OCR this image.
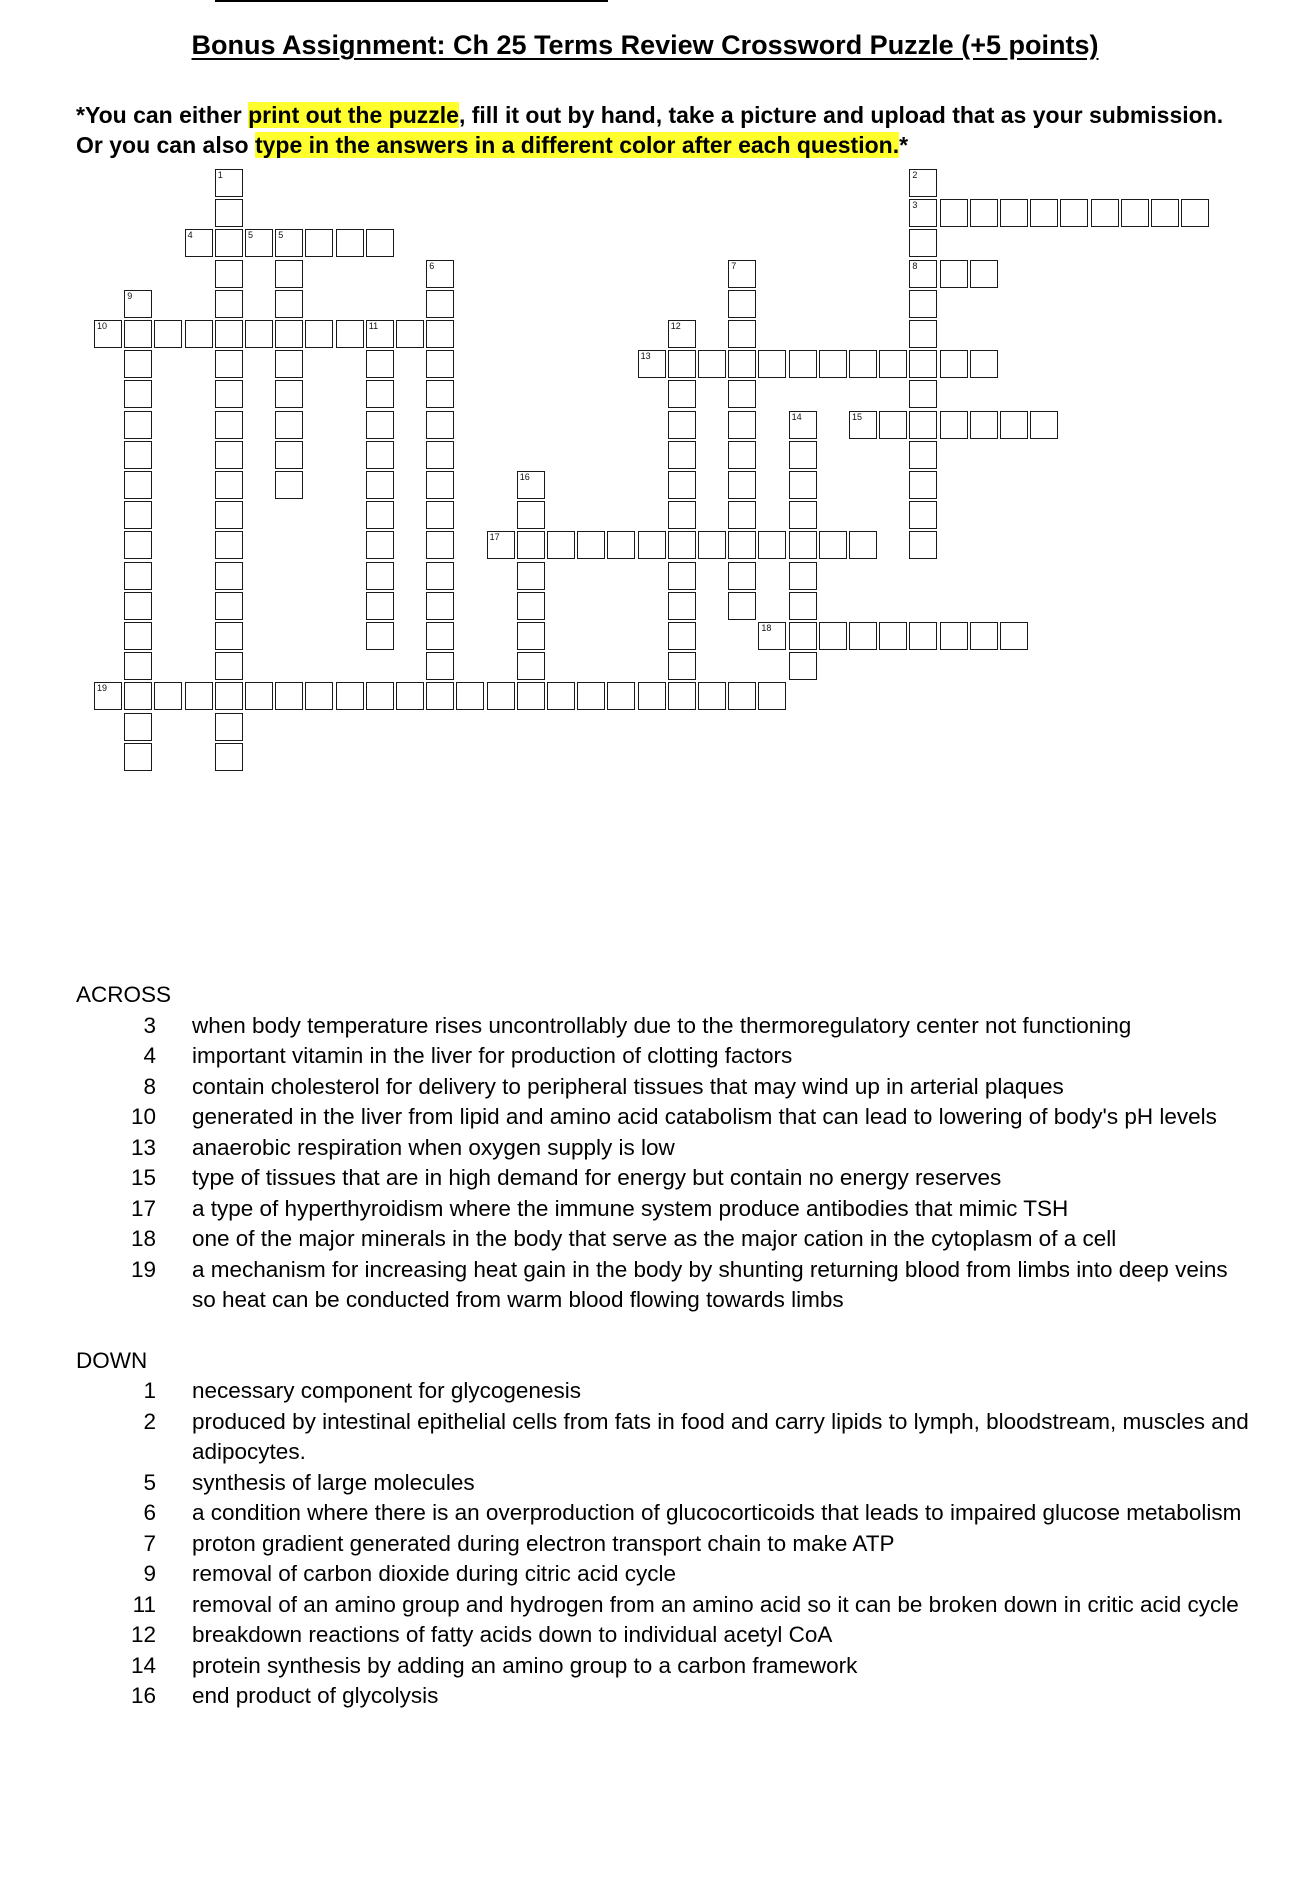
Bonus Assignment: Ch 25 Terms Review Crossword Puzzle (+5 points)
*You can either print out the puzzle, fill it out by hand, take a picture and upload that as your submission. Or you can also type in the answers in a different color after each question.*
3
4	5	5
8
10	11
13
15
17
18
19
1	2
6	7
9
12
14
16
ACROSS
3 when body temperature rises uncontrollably due to the thermoregulatory center not functioning
4 important vitamin in the liver for production of clotting factors
8 contain cholesterol for delivery to peripheral tissues that may wind up in arterial plaques
10 generated in the liver from lipid and amino acid catabolism that can lead to lowering of body's pH levels
13 anaerobic respiration when oxygen supply is low
15 type of tissues that are in high demand for energy but contain no energy reserves
17 a type of hyperthyroidism where the immune system produce antibodies that mimic TSH
18 one of the major minerals in the body that serve as the major cation in the cytoplasm of a cell
19 a mechanism for increasing heat gain in the body by shunting returning blood from limbs into deep veins so heat can be conducted from warm blood flowing towards limbs
DOWN
1 necessary component for glycogenesis
2 produced by intestinal epithelial cells from fats in food and carry lipids to lymph, bloodstream, muscles and adipocytes.
5 synthesis of large molecules
6 a condition where there is an overproduction of glucocorticoids that leads to impaired glucose metabolism
7 proton gradient generated during electron transport chain to make ATP
9 removal of carbon dioxide during citric acid cycle
11 removal of an amino group and hydrogen from an amino acid so it can be broken down in critic acid cycle
12 breakdown reactions of fatty acids down to individual acetyl CoA
14 protein synthesis by adding an amino group to a carbon framework
16 end product of glycolysis
